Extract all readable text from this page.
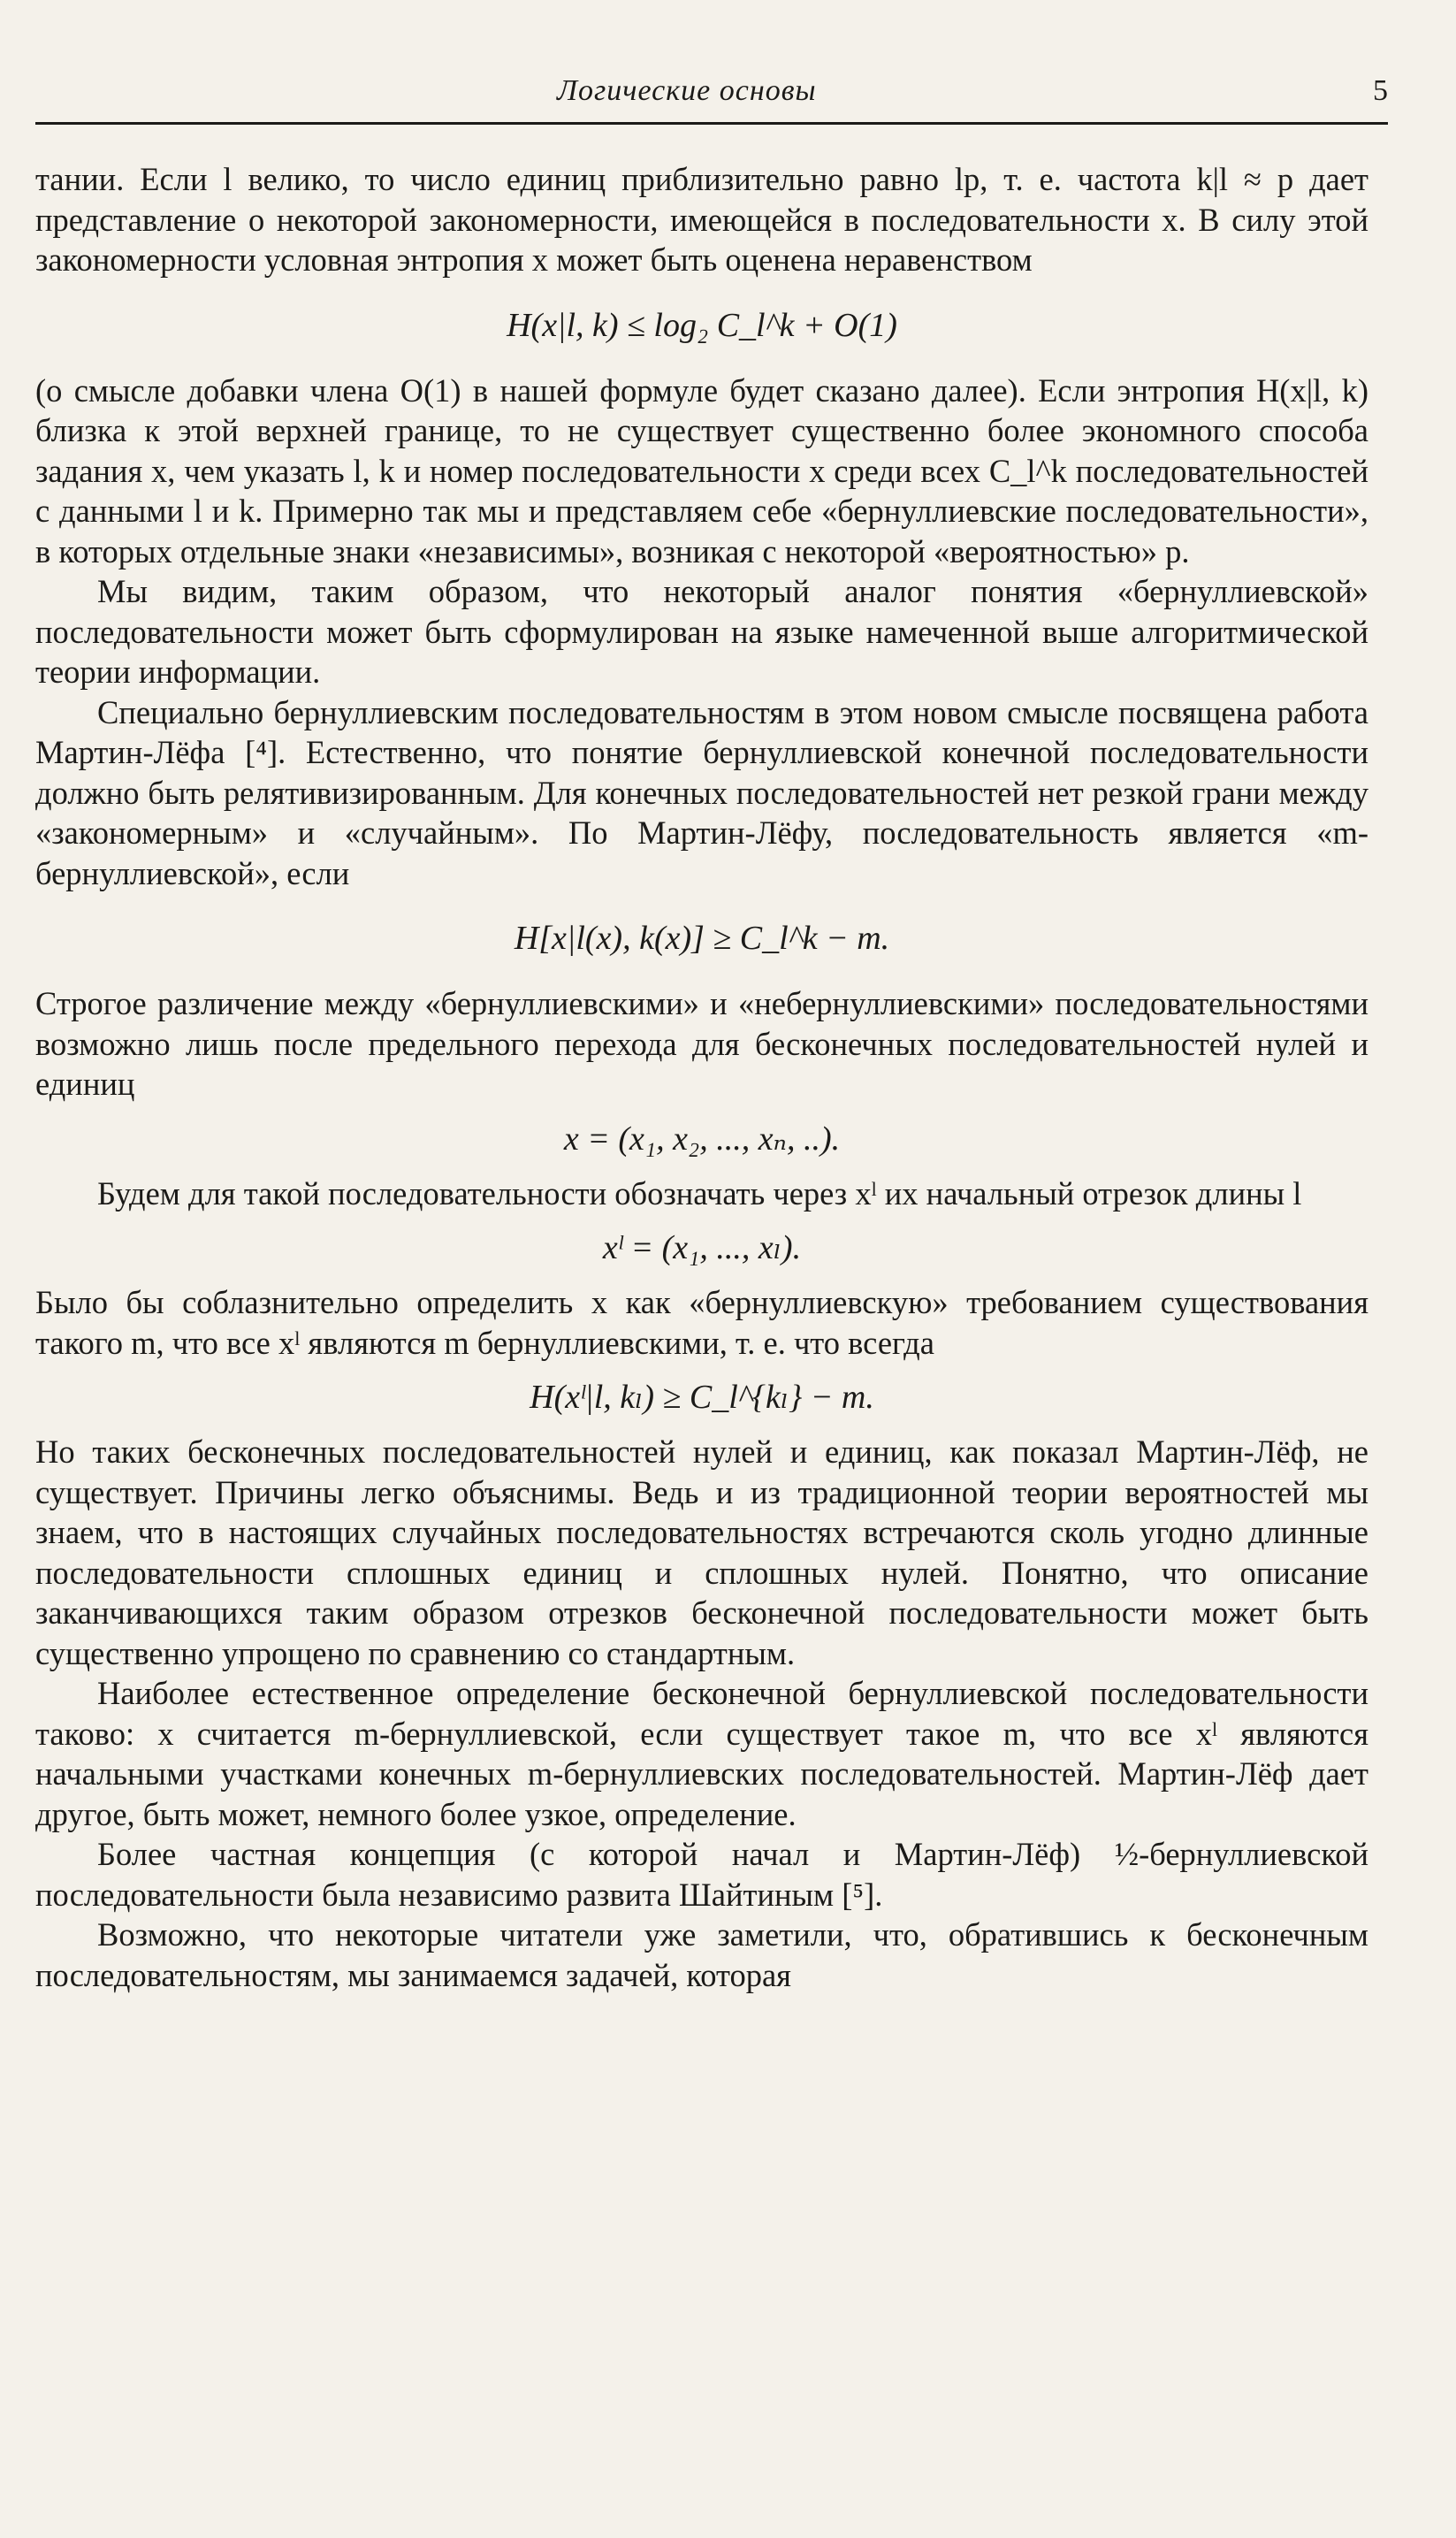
Логические основы	5

тании. Если l велико, то число единиц приблизительно равно lp, т. е. частота k|l ≈ p дает представление о некоторой закономерности, имеющейся в последовательности x. В силу этой закономерности условная энтропия x может быть оценена неравенством

H(x|l, k) ≤ log₂ C_l^k + O(1)

(о смысле добавки члена O(1) в нашей формуле будет сказано далее). Если энтропия H(x|l, k) близка к этой верхней границе, то не существует существенно более экономного способа задания x, чем указать l, k и номер последовательности x среди всех C_l^k последовательностей с данными l и k. Примерно так мы и представляем себе «бернуллиевские последовательности», в которых отдельные знаки «независимы», возникая с некоторой «вероятностью» p.

Мы видим, таким образом, что некоторый аналог понятия «бернуллиевской» последовательности может быть сформулирован на языке намеченной выше алгоритмической теории информации.

Специально бернуллиевским последовательностям в этом новом смысле посвящена работа Мартин-Лёфа [⁴]. Естественно, что понятие бернуллиевской конечной последовательности должно быть релятивизированным. Для конечных последовательностей нет резкой грани между «закономерным» и «случайным». По Мартин-Лёфу, последовательность является «m-бернуллиевской», если

H[x|l(x), k(x)] ≥ C_l^k − m.

Строгое различение между «бернуллиевскими» и «небернуллиевскими» последовательностями возможно лишь после предельного перехода для бесконечных последовательностей нулей и единиц

x = (x₁, x₂, ..., xₙ, ..).

Будем для такой последовательности обозначать через xˡ их начальный отрезок длины l

xˡ = (x₁, ..., xₗ).

Было бы соблазнительно определить x как «бернуллиевскую» требованием существования такого m, что все xˡ являются m бернуллиевскими, т. е. что всегда

H(xˡ|l, kₗ) ≥ C_l^{kₗ} − m.

Но таких бесконечных последовательностей нулей и единиц, как показал Мартин-Лёф, не существует. Причины легко объяснимы. Ведь и из традиционной теории вероятностей мы знаем, что в настоящих случайных последовательностях встречаются сколь угодно длинные последовательности сплошных единиц и сплошных нулей. Понятно, что описание заканчивающихся таким образом отрезков бесконечной последовательности может быть существенно упрощено по сравнению со стандартным.

Наиболее естественное определение бесконечной бернуллиевской последовательности таково: x считается m-бернуллиевской, если существует такое m, что все xˡ являются начальными участками конечных m-бернуллиевских последовательностей. Мартин-Лёф дает другое, быть может, немного более узкое, определение.

Более частная концепция (с которой начал и Мартин-Лёф) ½-бернуллиевской последовательности была независимо развита Шайтиным [⁵].

Возможно, что некоторые читатели уже заметили, что, обратившись к бесконечным последовательностям, мы занимаемся задачей, которая
